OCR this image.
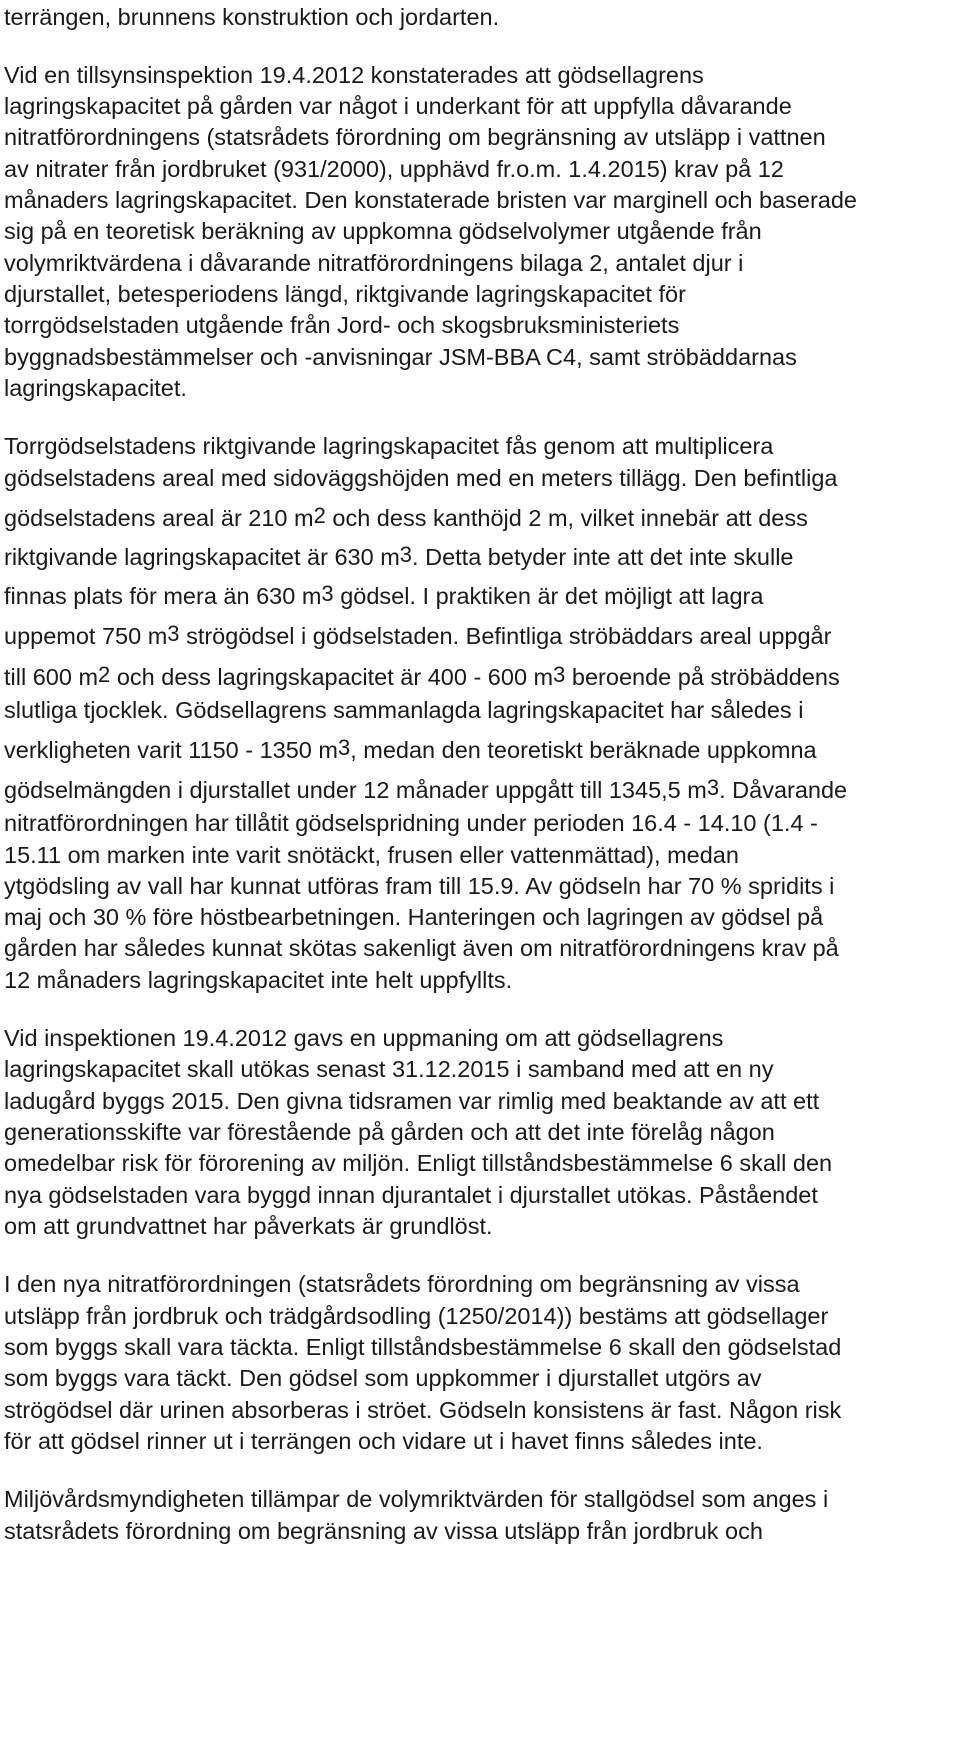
terrängen, brunnens konstruktion och jordarten.
Vid en tillsynsinspektion 19.4.2012 konstaterades att gödsellagrens
lagringskapacitet på gården var något i underkant för att uppfylla dåvarande
nitratförordningens (statsrådets förordning om begränsning av utsläpp i vattnen
av nitrater från jordbruket (931/2000), upphävd fr.o.m. 1.4.2015) krav på 12
månaders lagringskapacitet. Den konstaterade bristen var marginell och baserade
sig på en teoretisk beräkning av uppkomna gödselvolymer utgående från
volymriktvärdena i dåvarande nitratförordningens bilaga 2, antalet djur i
djurstallet, betesperiodens längd, riktgivande lagringskapacitet för
torrgödselstaden utgående från Jord- och skogsbruksministeriets
byggnadsbestämmelser och -anvisningar JSM-BBA C4, samt ströbäddarnas
lagringskapacitet.
Torrgödselstadens riktgivande lagringskapacitet fås genom att multiplicera
gödselstadens areal med sidoväggshöjden med en meters tillägg. Den befintliga
gödselstadens areal är 210 $m^2$ och dess kanthöjd 2 m, vilket innebär att dess
riktgivande lagringskapacitet är 630 $m^3$. Detta betyder inte att det inte skulle
finnas plats för mera än 630 $m^3$ gödsel. I praktiken är det möjligt att lagra
uppemot 750 $m^3$ strögödsel i gödselstaden. Befintliga ströbäddars areal uppgår
till 600 $m^2$ och dess lagringskapacitet är 400 - 600 $m^3$ beroende på ströbäddens
slutliga tjocklek. Gödsellagrens sammanlagda lagringskapacitet har således i
verkligheten varit 1150 - 1350 $m^3$, medan den teoretiskt beräknade uppkomna
gödselmängden i djurstallet under 12 månader uppgått till 1345,5 $m^3$. Dåvarande
nitratförordningen har tillåtit gödselspridning under perioden 16.4 - 14.10 (1.4 -
15.11 om marken inte varit snötäckt, frusen eller vattenmättad), medan
ytgödsling av vall har kunnat utföras fram till 15.9. Av gödseln har 70 % spridits i
maj och 30 % före höstbearbetningen. Hanteringen och lagringen av gödsel på
gården har således kunnat skötas sakenligt även om nitratförordningens krav på
12 månaders lagringskapacitet inte helt uppfyllts.
Vid inspektionen 19.4.2012 gavs en uppmaning om att gödsellagrens
lagringskapacitet skall utökas senast 31.12.2015 i samband med att en ny
ladugård byggs 2015. Den givna tidsramen var rimlig med beaktande av att ett
generationsskifte var förestående på gården och att det inte förelåg någon
omedelbar risk för förorening av miljön. Enligt tillståndsbestämmelse 6 skall den
nya gödselstaden vara byggd innan djurantalet i djurstallet utökas. Påståendet
om att grundvattnet har påverkats är grundlöst.
I den nya nitratförordningen (statsrådets förordning om begränsning av vissa
utsläpp från jordbruk och trädgårdsodling (1250/2014)) bestäms att gödsellager
som byggs skall vara täckta. Enligt tillståndsbestämmelse 6 skall den gödselstad
som byggs vara täckt. Den gödsel som uppkommer i djurstallet utgörs av
strögödsel där urinen absorberas i ströet. Gödseln konsistens är fast. Någon risk
för att gödsel rinner ut i terrängen och vidare ut i havet finns således inte.
Miljövårdsmyndigheten tillämpar de volymriktvärden för stallgödsel som anges i
statsrådets förordning om begränsning av vissa utsläpp från jordbruk och
